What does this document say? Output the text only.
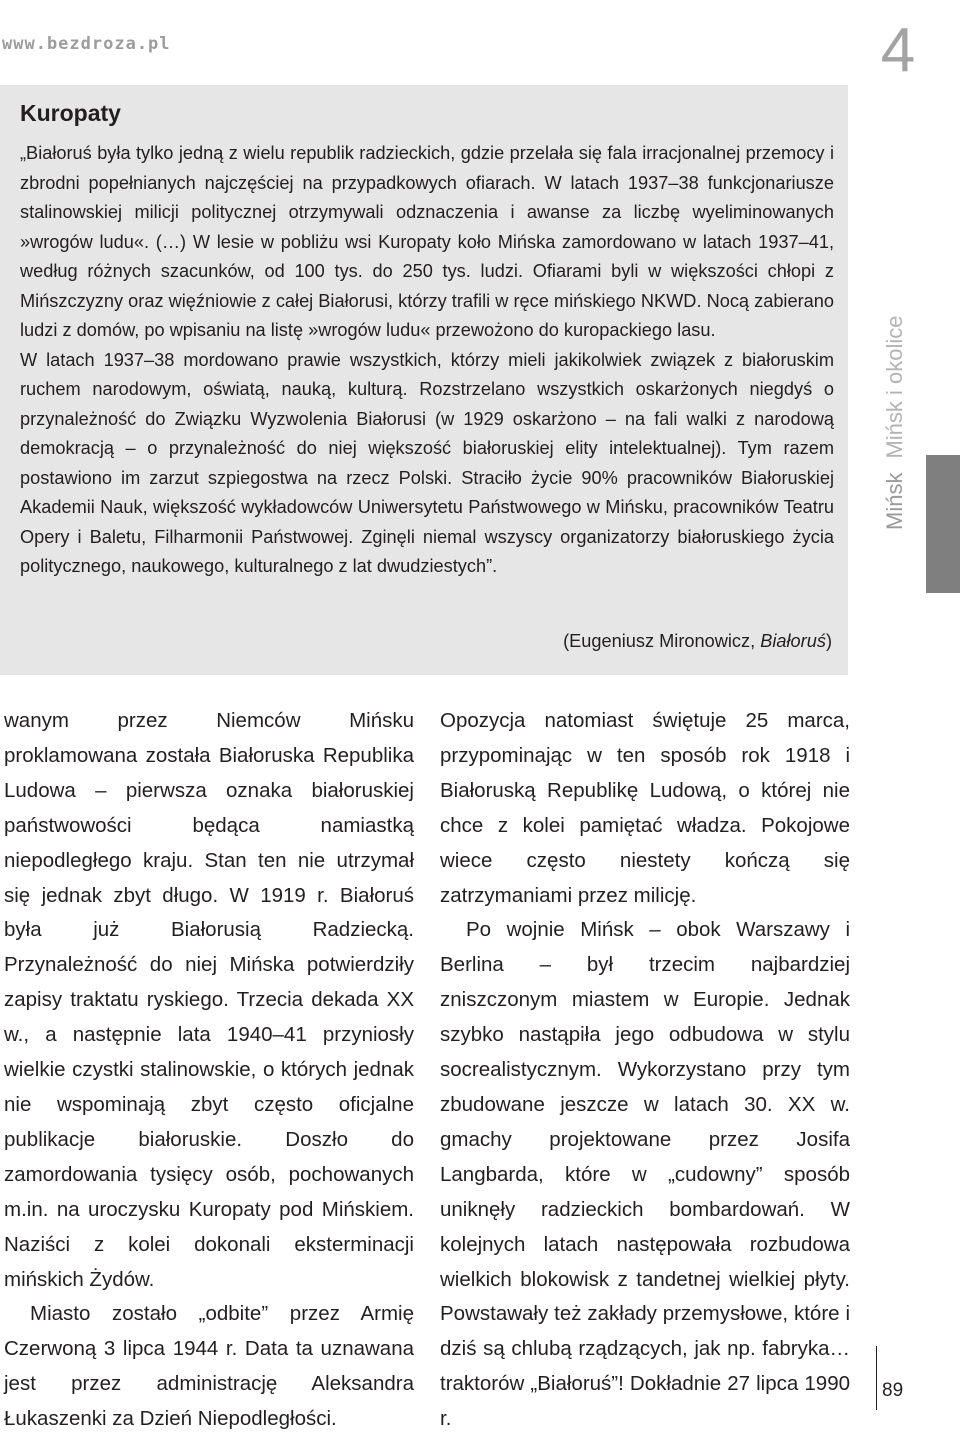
www.bezdroza.pl	4
MińskMińsk i okolice
Kuropaty

„Białoruś była tylko jedną z wielu republik radzieckich, gdzie przelała się fala irracjonalnej przemocy i zbrodni popełnianych najczęściej na przypadkowych ofiarach. W latach 1937–38 funkcjonariusze stalinowskiej milicji politycznej otrzymywali odznaczenia i awanse za liczbę wyeliminowanych »wrogów ludu«. (…) W lesie w pobliżu wsi Kuropaty koło Mińska zamordowano w latach 1937–41, według różnych szacunków, od 100 tys. do 250 tys. ludzi. Ofiarami byli w większości chłopi z Mińszczyzny oraz więźniowie z całej Białorusi, którzy trafili w ręce mińskiego NKWD. Nocą zabierano ludzi z domów, po wpisaniu na listę »wrogów ludu« przewożono do kuropackiego lasu.

W latach 1937–38 mordowano prawie wszystkich, którzy mieli jakikolwiek związek z białoruskim ruchem narodowym, oświatą, nauką, kulturą. Rozstrzelano wszystkich oskarżonych niegdyś o przynależność do Związku Wyzwolenia Białorusi (w 1929 oskarżono – na fali walki z narodową demokracją – o przynależność do niej większość białoruskiej elity intelektualnej). Tym razem postawiono im zarzut szpiegostwa na rzecz Polski. Straciło życie 90% pracowników Białoruskiej Akademii Nauk, większość wykładowców Uniwersytetu Państwowego w Mińsku, pracowników Teatru Opery i Baletu, Filharmonii Państwowej. Zginęli niemal wszyscy organizatorzy białoruskiego życia politycznego, naukowego, kulturalnego z lat dwudziestych”.

(Eugeniusz Mironowicz, Białoruś)

wanym przez Niemców Mińsku proklamowana została Białoruska Republika Ludowa – pierwsza oznaka białoruskiej państwowości będąca namiastką niepodległego kraju. Stan ten nie utrzymał się jednak zbyt długo. W 1919 r. Białoruś była już Białorusią Radziecką. Przynależność do niej Mińska potwierdziły zapisy traktatu ryskiego. Trzecia dekada XX w., a następnie lata 1940–41 przyniosły wielkie czystki stalinowskie, o których jednak nie wspominają zbyt często oficjalne publikacje białoruskie. Doszło do zamordowania tysięcy osób, pochowanych m.in. na uroczysku Kuropaty pod Mińskiem. Naziści z kolei dokonali eksterminacji mińskich Żydów.

Miasto zostało „odbite” przez Armię Czerwoną 3 lipca 1944 r. Data ta uznawana jest przez administrację Aleksandra Łukaszenki za Dzień Niepodległości.

Opozycja natomiast świętuje 25 marca, przypominając w ten sposób rok 1918 i Białoruską Republikę Ludową, o której nie chce z kolei pamiętać władza. Pokojowe wiece często niestety kończą się zatrzymaniami przez milicję.

Po wojnie Mińsk – obok Warszawy i Berlina – był trzecim najbardziej zniszczonym miastem w Europie. Jednak szybko nastąpiła jego odbudowa w stylu socrealistycznym. Wykorzystano przy tym zbudowane jeszcze w latach 30. XX w. gmachy projektowane przez Josifa Langbarda, które w „cudowny” sposób uniknęły radzieckich bombardowań. W kolejnych latach następowała rozbudowa wielkich blokowisk z tandetnej wielkiej płyty. Powstawały też zakłady przemysłowe, które i dziś są chlubą rządzących, jak np. fabryka… traktorów „Białoruś”! Dokładnie 27 lipca 1990 r.

89
